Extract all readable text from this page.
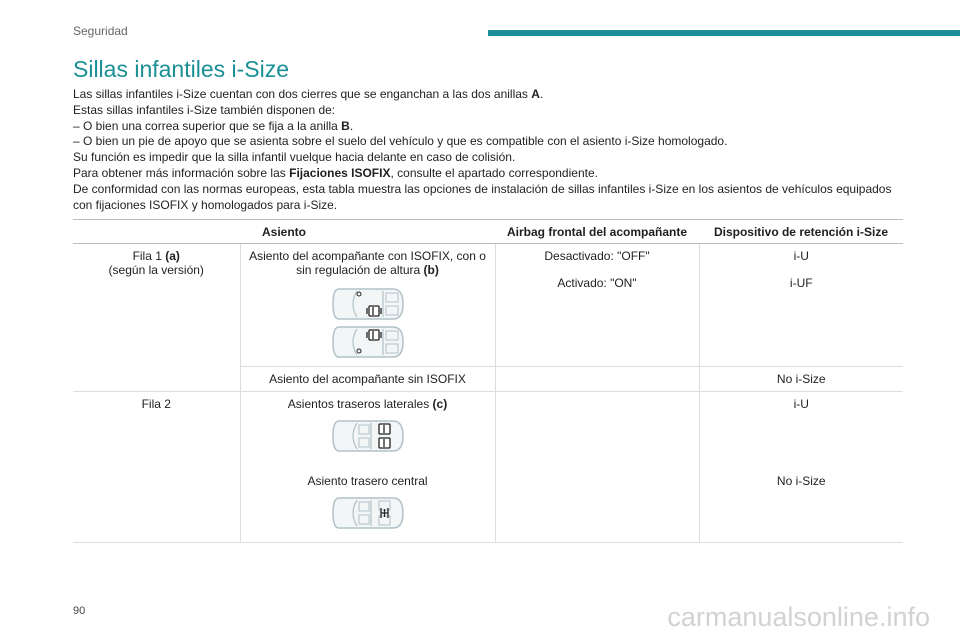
Seguridad
Sillas infantiles i-Size

Las sillas infantiles i-Size cuentan con dos cierres que se enganchan a las dos anillas A.

Estas sillas infantiles i-Size también disponen de:

– O bien una correa superior que se fija a la anilla B.

– O bien un pie de apoyo que se asienta sobre el suelo del vehículo y que es compatible con el asiento i-Size homologado.

Su función es impedir que la silla infantil vuelque hacia delante en caso de colisión.

Para obtener más información sobre las Fijaciones ISOFIX, consulte el apartado correspondiente.

De conformidad con las normas europeas, esta tabla muestra las opciones de instalación de sillas infantiles i-Size en los asientos de vehículos equipados con fijaciones ISOFIX y homologados para i-Size.

Asiento		Airbag frontal del acompañante	Dispositivo de retención i-Size
Fila 1 (a)
(según la versión)	Asiento del acompañante con ISOFIX, con o sin regulación de altura (b)	Desactivado: "OFF"	i-U
		Activado: "ON"	i-UF
	Asiento del acompañante sin ISOFIX		No i-Size
Fila 2	Asientos traseros laterales (c)		i-U
	Asiento trasero central		No i-Size
90	carmanualsonline.info
